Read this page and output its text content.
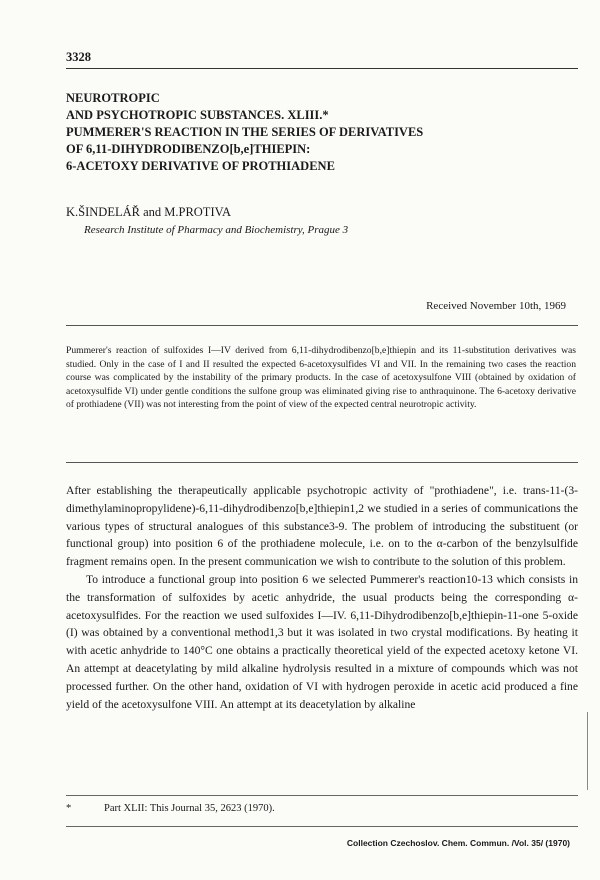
3328
NEUROTROPIC
AND PSYCHOTROPIC SUBSTANCES. XLIII.*
PUMMERER'S REACTION IN THE SERIES OF DERIVATIVES
OF 6,11-DIHYDRODIBENZO[b,e]THIEPIN:
6-ACETOXY DERIVATIVE OF PROTHIADENE
K.ŠINDELÁŘ and M.PROTIVA
Research Institute of Pharmacy and Biochemistry, Prague 3
Received November 10th, 1969
Pummerer's reaction of sulfoxides I—IV derived from 6,11-dihydrodibenzo[b,e]thiepin and its 11-substitution derivatives was studied. Only in the case of I and II resulted the expected 6-acetoxysulfides VI and VII. In the remaining two cases the reaction course was complicated by the instability of the primary products. In the case of acetoxysulfone VIII (obtained by oxidation of acetoxysulfide VI) under gentle conditions the sulfone group was eliminated giving rise to anthraquinone. The 6-acetoxy derivative of prothiadene (VII) was not interesting from the point of view of the expected central neurotropic activity.

After establishing the therapeutically applicable psychotropic activity of "prothiadene", i.e. trans-11-(3-dimethylaminopropylidene)-6,11-dihydrodibenzo[b,e]thiepin1,2 we studied in a series of communications the various types of structural analogues of this substance3-9. The problem of introducing the substituent (or functional group) into position 6 of the prothiadene molecule, i.e. on to the α-carbon of the benzylsulfide fragment remains open. In the present communication we wish to contribute to the solution of this problem.

To introduce a functional group into position 6 we selected Pummerer's reaction10-13 which consists in the transformation of sulfoxides by acetic anhydride, the usual products being the corresponding α-acetoxysulfides. For the reaction we used sulfoxides I—IV. 6,11-Dihydrodibenzo[b,e]thiepin-11-one 5-oxide (I) was obtained by a conventional method1,3 but it was isolated in two crystal modifications. By heating it with acetic anhydride to 140°C one obtains a practically theoretical yield of the expected acetoxy ketone VI. An attempt at deacetylating by mild alkaline hydrolysis resulted in a mixture of compounds which was not processed further. On the other hand, oxidation of VI with hydrogen peroxide in acetic acid produced a fine yield of the acetoxysulfone VIII. An attempt at its deacetylation by alkaline

*	Part XLII: This Journal 35, 2623 (1970).
Collection Czechoslov. Chem. Commun. /Vol. 35/ (1970)
